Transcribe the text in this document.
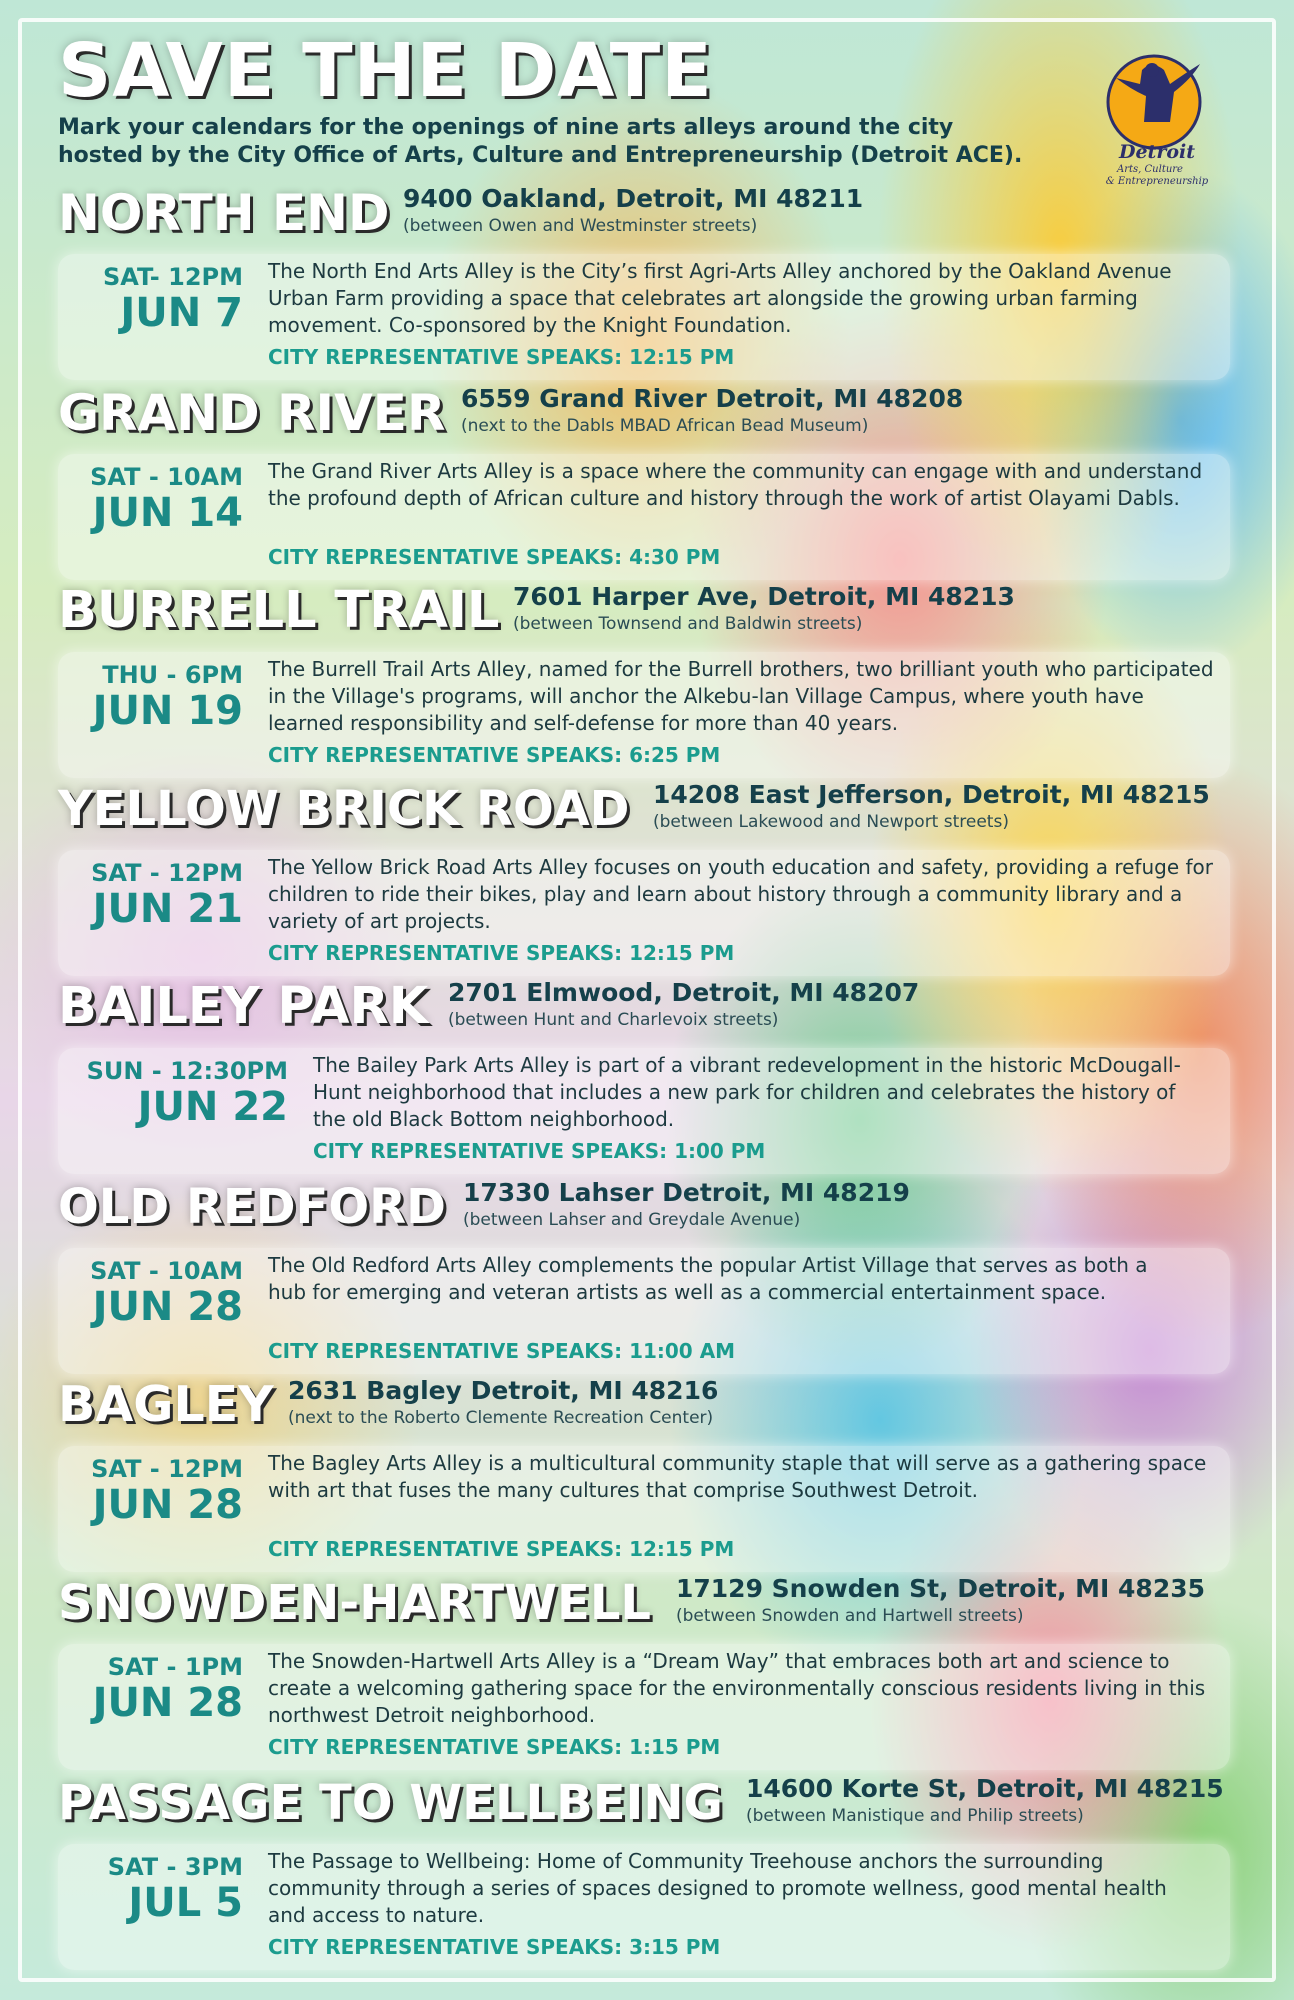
SAVE THE DATE
Mark your calendars for the openings of nine arts alleys around the city
hosted by the City Office of Arts, Culture and Entrepreneurship (Detroit ACE).	Detroit
Arts, Culture
& Entrepreneurship
NORTH END 9400 Oakland, Detroit, MI 48211
(between Owen and Westminster streets)
SAT- 12PM
JUN 7
The North End Arts Alley is the City’s first Agri-Arts Alley anchored by the Oakland Avenue Urban Farm providing a space that celebrates art alongside the growing urban farming movement. Co-sponsored by the Knight Foundation.
CITY REPRESENTATIVE SPEAKS: 12:15 PM
GRAND RIVER 6559 Grand River Detroit, MI 48208
(next to the Dabls MBAD African Bead Museum)
SAT - 10AM
JUN 14
The Grand River Arts Alley is a space where the community can engage with and understand the profound depth of African culture and history through the work of artist Olayami Dabls.
CITY REPRESENTATIVE SPEAKS: 4:30 PM
BURRELL TRAIL 7601 Harper Ave, Detroit, MI 48213
(between Townsend and Baldwin streets)
THU - 6PM
JUN 19
The Burrell Trail Arts Alley, named for the Burrell brothers, two brilliant youth who participated in the Village's programs, will anchor the Alkebu-lan Village Campus, where youth have learned responsibility and self-defense for more than 40 years.
CITY REPRESENTATIVE SPEAKS: 6:25 PM
YELLOW BRICK ROAD 14208 East Jefferson, Detroit, MI 48215
(between Lakewood and Newport streets)
SAT - 12PM
JUN 21
The Yellow Brick Road Arts Alley focuses on youth education and safety, providing a refuge for children to ride their bikes, play and learn about history through a community library and a variety of art projects.
CITY REPRESENTATIVE SPEAKS: 12:15 PM
BAILEY PARK 2701 Elmwood, Detroit, MI 48207
(between Hunt and Charlevoix streets)
SUN - 12:30PM
JUN 22
The Bailey Park Arts Alley is part of a vibrant redevelopment in the historic McDougall-Hunt neighborhood that includes a new park for children and celebrates the history of the old Black Bottom neighborhood.
CITY REPRESENTATIVE SPEAKS: 1:00 PM
OLD REDFORD 17330 Lahser Detroit, MI 48219
(between Lahser and Greydale Avenue)
SAT - 10AM
JUN 28
The Old Redford Arts Alley complements the popular Artist Village that serves as both a hub for emerging and veteran artists as well as a commercial entertainment space.
CITY REPRESENTATIVE SPEAKS: 11:00 AM
BAGLEY 2631 Bagley Detroit, MI 48216
(next to the Roberto Clemente Recreation Center)
SAT - 12PM
JUN 28
The Bagley Arts Alley is a multicultural community staple that will serve as a gathering space with art that fuses the many cultures that comprise Southwest Detroit.
CITY REPRESENTATIVE SPEAKS: 12:15 PM
SNOWDEN-HARTWELL 17129 Snowden St, Detroit, MI 48235
(between Snowden and Hartwell streets)
SAT - 1PM
JUN 28
The Snowden-Hartwell Arts Alley is a “Dream Way” that embraces both art and science to create a welcoming gathering space for the environmentally conscious residents living in this northwest Detroit neighborhood.
CITY REPRESENTATIVE SPEAKS: 1:15 PM
PASSAGE TO WELLBEING 14600 Korte St, Detroit, MI 48215
(between Manistique and Philip streets)
SAT - 3PM
JUL 5
The Passage to Wellbeing: Home of Community Treehouse anchors the surrounding community through a series of spaces designed to promote wellness, good mental health and access to nature.
CITY REPRESENTATIVE SPEAKS: 3:15 PM
